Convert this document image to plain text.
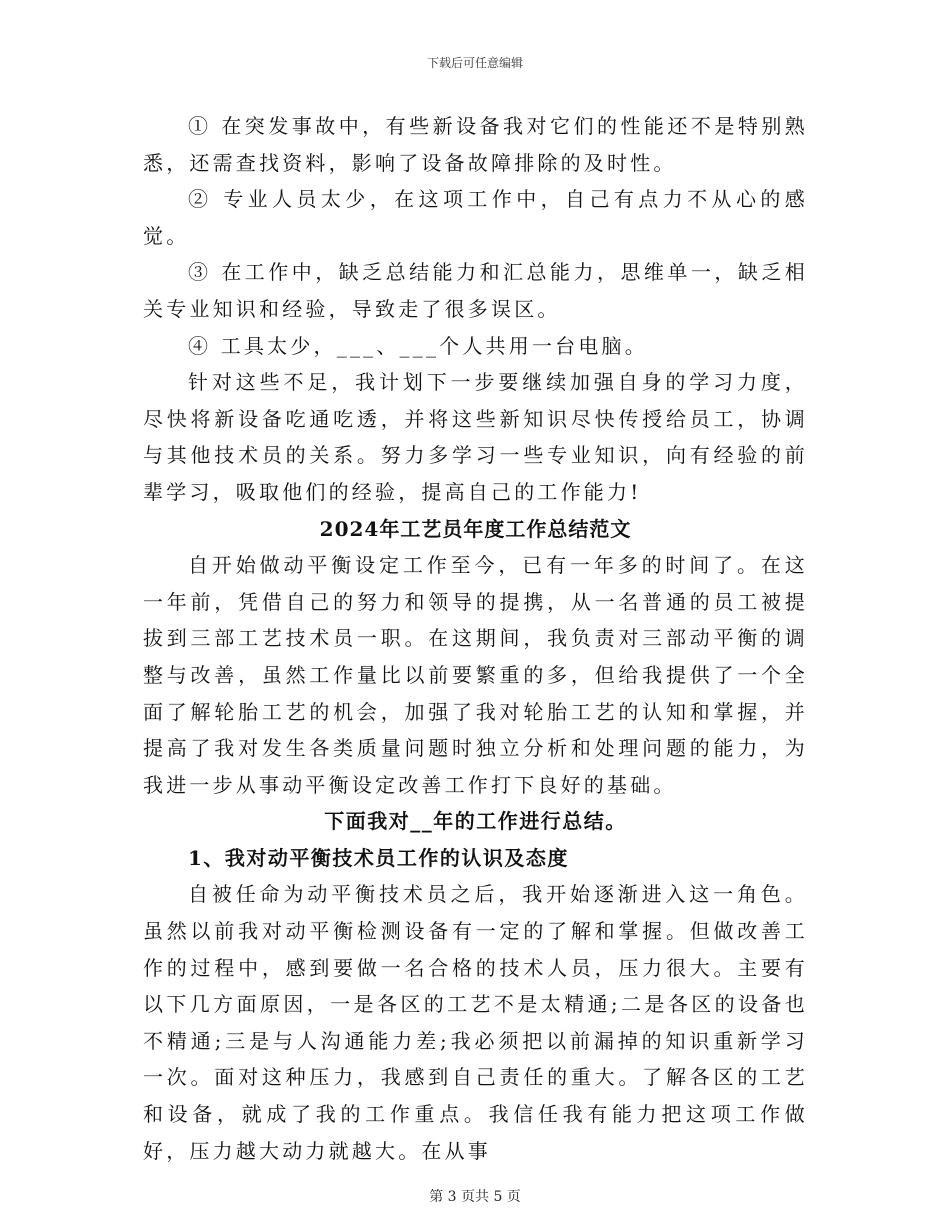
下载后可任意编辑

① 在突发事故中，有些新设备我对它们的性能还不是特别熟悉，还需查找资料，影响了设备故障排除的及时性。

② 专业人员太少，在这项工作中，自己有点力不从心的感觉。

③ 在工作中，缺乏总结能力和汇总能力，思维单一，缺乏相关专业知识和经验，导致走了很多误区。

④ 工具太少，___、___个人共用一台电脑。

针对这些不足，我计划下一步要继续加强自身的学习力度，尽快将新设备吃通吃透，并将这些新知识尽快传授给员工，协调与其他技术员的关系。努力多学习一些专业知识，向有经验的前辈学习，吸取他们的经验，提高自己的工作能力!

2024年工艺员年度工作总结范文

自开始做动平衡设定工作至今，已有一年多的时间了。在这一年前，凭借自己的努力和领导的提携，从一名普通的员工被提拔到三部工艺技术员一职。在这期间，我负责对三部动平衡的调整与改善，虽然工作量比以前要繁重的多，但给我提供了一个全面了解轮胎工艺的机会，加强了我对轮胎工艺的认知和掌握，并提高了我对发生各类质量问题时独立分析和处理问题的能力，为我进一步从事动平衡设定改善工作打下良好的基础。

下面我对__年的工作进行总结。

1、我对动平衡技术员工作的认识及态度

自被任命为动平衡技术员之后，我开始逐渐进入这一角色。虽然以前我对动平衡检测设备有一定的了解和掌握。但做改善工作的过程中，感到要做一名合格的技术人员，压力很大。主要有以下几方面原因，一是各区的工艺不是太精通;二是各区的设备也不精通;三是与人沟通能力差;我必须把以前漏掉的知识重新学习一次。面对这种压力，我感到自己责任的重大。了解各区的工艺和设备，就成了我的工作重点。我信任我有能力把这项工作做好，压力越大动力就越大。在从事

第 3 页共 5 页
